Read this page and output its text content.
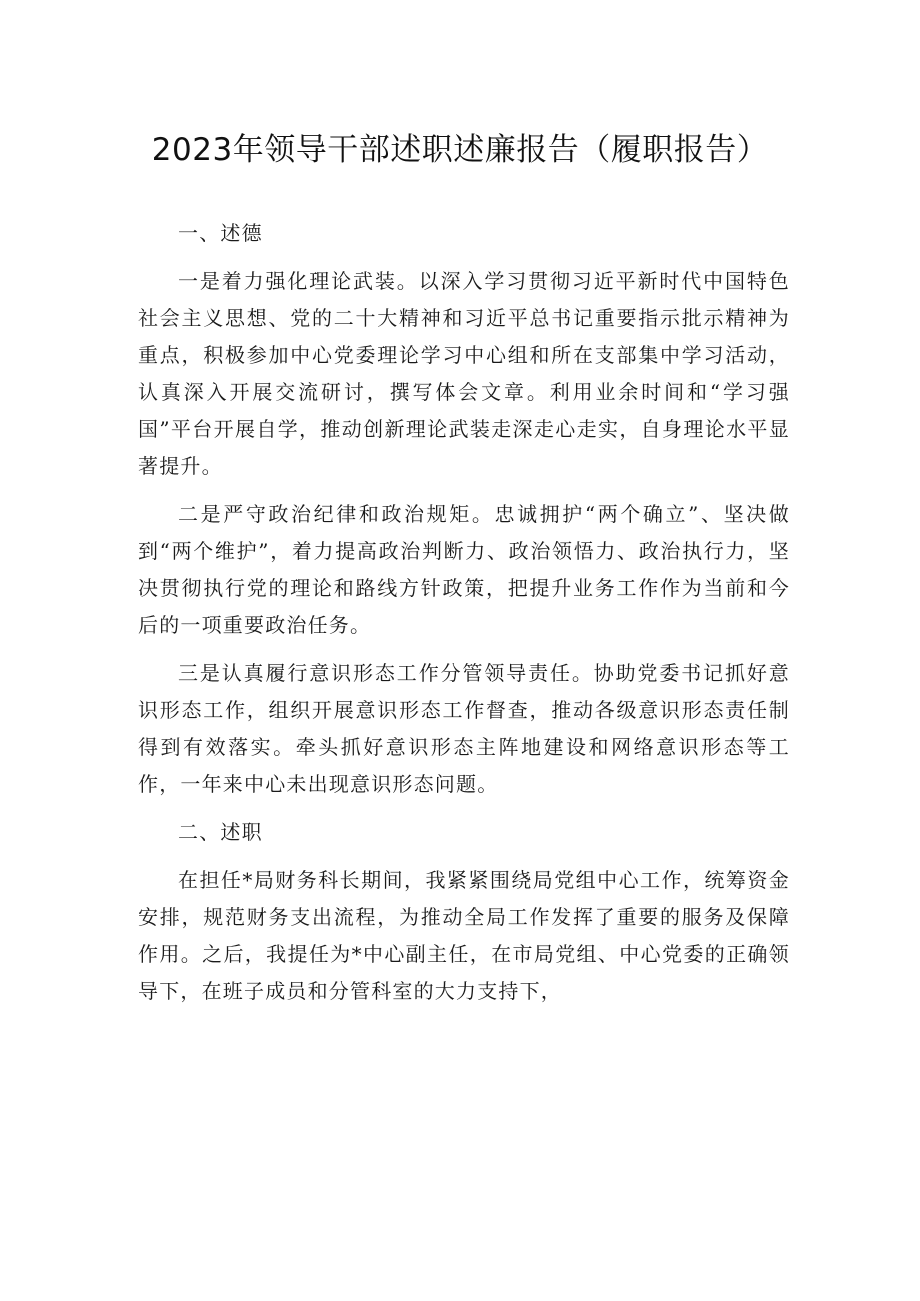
2023年领导干部述职述廉报告（履职报告）

一、述德

一是着力强化理论武装。以深入学习贯彻习近平新时代中国特色社会主义思想、党的二十大精神和习近平总书记重要指示批示精神为重点，积极参加中心党委理论学习中心组和所在支部集中学习活动，认真深入开展交流研讨，撰写体会文章。利用业余时间和“学习强国”平台开展自学，推动创新理论武装走深走心走实，自身理论水平显著提升。

二是严守政治纪律和政治规矩。忠诚拥护“两个确立”、坚决做到“两个维护”，着力提高政治判断力、政治领悟力、政治执行力，坚决贯彻执行党的理论和路线方针政策，把提升业务工作作为当前和今后的一项重要政治任务。

三是认真履行意识形态工作分管领导责任。协助党委书记抓好意识形态工作，组织开展意识形态工作督查，推动各级意识形态责任制得到有效落实。牵头抓好意识形态主阵地建设和网络意识形态等工作，一年来中心未出现意识形态问题。

二、述职

在担任*局财务科长期间，我紧紧围绕局党组中心工作，统筹资金安排，规范财务支出流程，为推动全局工作发挥了重要的服务及保障作用。之后，我提任为*中心副主任，在市局党组、中心党委的正确领导下，在班子成员和分管科室的大力支持下，
